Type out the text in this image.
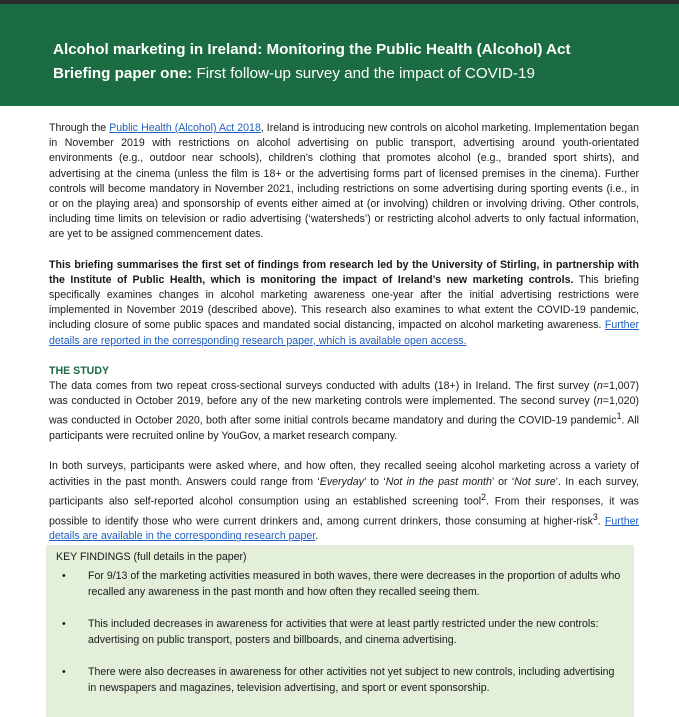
Alcohol marketing in Ireland: Monitoring the Public Health (Alcohol) Act
Briefing paper one: First follow-up survey and the impact of COVID-19

Through the Public Health (Alcohol) Act 2018, Ireland is introducing new controls on alcohol marketing. Implementation began in November 2019 with restrictions on alcohol advertising on public transport, advertising around youth-orientated environments (e.g., outdoor near schools), children’s clothing that promotes alcohol (e.g., branded sport shirts), and advertising at the cinema (unless the film is 18+ or the advertising forms part of licensed premises in the cinema). Further controls will become mandatory in November 2021, including restrictions on some advertising during sporting events (i.e., in or on the playing area) and sponsorship of events either aimed at (or involving) children or involving driving. Other controls, including time limits on television or radio advertising (‘watersheds’) or restricting alcohol adverts to only factual information, are yet to be assigned commencement dates.

This briefing summarises the first set of findings from research led by the University of Stirling, in partnership with the Institute of Public Health, which is monitoring the impact of Ireland’s new marketing controls. This briefing specifically examines changes in alcohol marketing awareness one-year after the initial advertising restrictions were implemented in November 2019 (described above). This research also examines to what extent the COVID-19 pandemic, including closure of some public spaces and mandated social distancing, impacted on alcohol marketing awareness. Further details are reported in the corresponding research paper, which is available open access.

THE STUDY

The data comes from two repeat cross-sectional surveys conducted with adults (18+) in Ireland. The first survey (n=1,007) was conducted in October 2019, before any of the new marketing controls were implemented. The second survey (n=1,020) was conducted in October 2020, both after some initial controls became mandatory and during the COVID-19 pandemic$^1$. All participants were recruited online by YouGov, a market research company.

In both surveys, participants were asked where, and how often, they recalled seeing alcohol marketing across a variety of activities in the past month. Answers could range from ‘Everyday’ to ‘Not in the past month’ or ‘Not sure’. In each survey, participants also self-reported alcohol consumption using an established screening tool$^2$. From their responses, it was possible to identify those who were current drinkers and, among current drinkers, those consuming at higher-risk$^3$. Further details are available in the corresponding research paper.

KEY FINDINGS (full details in the paper)
• For 9/13 of the marketing activities measured in both waves, there were decreases in the proportion of adults who recalled any awareness in the past month and how often they recalled seeing them.
• This included decreases in awareness for activities that were at least partly restricted under the new controls: advertising on public transport, posters and billboards, and cinema advertising.
• There were also decreases in awareness for other activities not yet subject to new controls, including advertising in newspapers and magazines, television advertising, and sport or event sponsorship.
